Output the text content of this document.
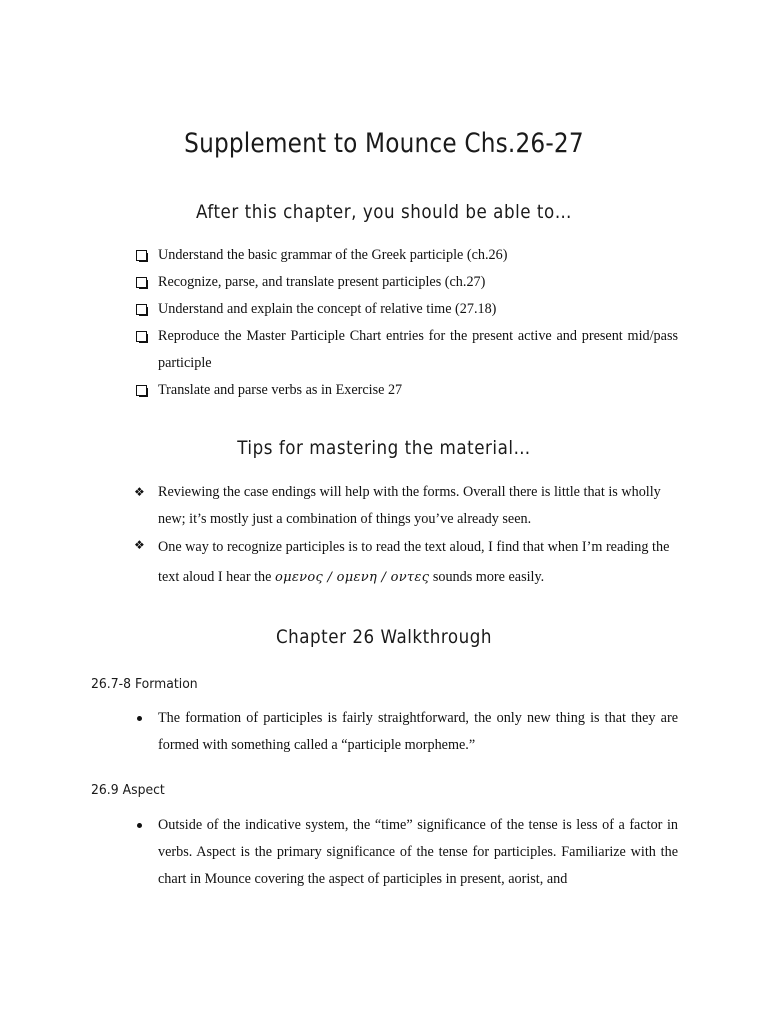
Supplement to Mounce Chs.26-27
After this chapter, you should be able to…
Understand the basic grammar of the Greek participle (ch.26)
Recognize, parse, and translate present participles (ch.27)
Understand and explain the concept of relative time (27.18)
Reproduce the Master Participle Chart entries for the present active and present mid/pass participle
Translate and parse verbs as in Exercise 27
Tips for mastering the material…
❖ Reviewing the case endings will help with the forms. Overall there is little that is wholly new; it’s mostly just a combination of things you’ve already seen.
❖ One way to recognize participles is to read the text aloud, I find that when I’m reading the text aloud I hear the ομενος / ομενη / οντες sounds more easily.
Chapter 26 Walkthrough
26.7-8 Formation
The formation of participles is fairly straightforward, the only new thing is that they are formed with something called a “participle morpheme.”
26.9 Aspect
Outside of the indicative system, the “time” significance of the tense is less of a factor in verbs. Aspect is the primary significance of the tense for participles. Familiarize with the chart in Mounce covering the aspect of participles in present, aorist, and
